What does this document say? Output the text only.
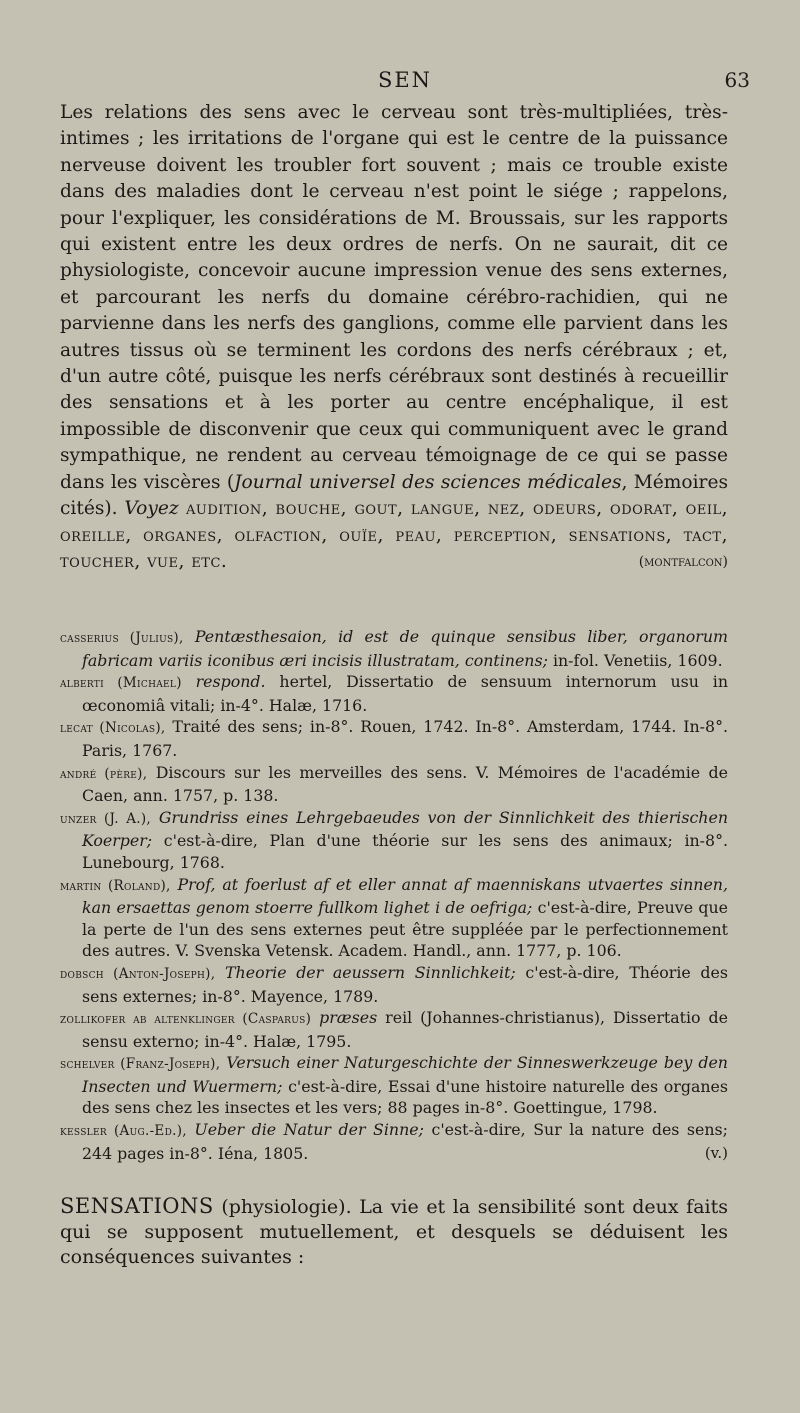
SEN	63

Les relations des sens avec le cerveau sont très-multipliées, très-intimes ; les irritations de l'organe qui est le centre de la puissance nerveuse doivent les troubler fort souvent ; mais ce trouble existe dans des maladies dont le cerveau n'est point le siége ; rappelons, pour l'expliquer, les considérations de M. Broussais, sur les rapports qui existent entre les deux ordres de nerfs. On ne saurait, dit ce physiologiste, concevoir aucune impression venue des sens externes, et parcourant les nerfs du domaine cérébro-rachidien, qui ne parvienne dans les nerfs des ganglions, comme elle parvient dans les autres tissus où se terminent les cordons des nerfs cérébraux ; et, d'un autre côté, puisque les nerfs cérébraux sont destinés à recueillir des sensations et à les porter au centre encéphalique, il est impossible de disconvenir que ceux qui communiquent avec le grand sympathique, ne rendent au cerveau témoignage de ce qui se passe dans les viscères (Journal universel des sciences médicales, Mémoires cités). Voyez audition, bouche, gout, langue, nez, odeurs, odorat, oeil, oreille, organes, olfaction, ouïe, peau, perception, sensations, tact, toucher, vue, etc.	(montfalcon)
casserius (Julius), Pentæsthesaion, id est de quinque sensibus liber, organorum fabricam variis iconibus æri incisis illustratam, continens; in-fol. Venetiis, 1609.
alberti (Michael) respond. hertel, Dissertatio de sensuum internorum usu in œconomiâ vitali; in-4°. Halæ, 1716.
lecat (Nicolas), Traité des sens; in-8°. Rouen, 1742. In-8°. Amsterdam, 1744. In-8°. Paris, 1767.
andré (père), Discours sur les merveilles des sens. V. Mémoires de l'académie de Caen, ann. 1757, p. 138.
unzer (J. A.), Grundriss eines Lehrgebaeudes von der Sinnlichkeit des thierischen Koerper; c'est-à-dire, Plan d'une théorie sur les sens des animaux; in-8°. Lunebourg, 1768.
martin (Roland), Prof, at foerlust af et eller annat af maenniskans utvaertes sinnen, kan ersaettas genom stoerre fullkom lighet i de oefriga; c'est-à-dire, Preuve que la perte de l'un des sens externes peut être suppléée par le perfectionnement des autres. V. Svenska Vetensk. Academ. Handl., ann. 1777, p. 106.
dobsch (Anton-Joseph), Theorie der aeussern Sinnlichkeit; c'est-à-dire, Théorie des sens externes; in-8°. Mayence, 1789.
zollikofer ab altenklinger (Casparus) præses reil (Johannes-christianus), Dissertatio de sensu externo; in-4°. Halæ, 1795.
schelver (Franz-Joseph), Versuch einer Naturgeschichte der Sinneswerkzeuge bey den Insecten und Wuermern; c'est-à-dire, Essai d'une histoire naturelle des organes des sens chez les insectes et les vers; 88 pages in-8°. Goettingue, 1798.
kessler (Aug.-Ed.), Ueber die Natur der Sinne; c'est-à-dire, Sur la nature des sens; 244 pages in-8°. Iéna, 1805.	(v.)
SENSATIONS (physiologie). La vie et la sensibilité sont deux faits qui se supposent mutuellement, et desquels se déduisent les conséquences suivantes :
